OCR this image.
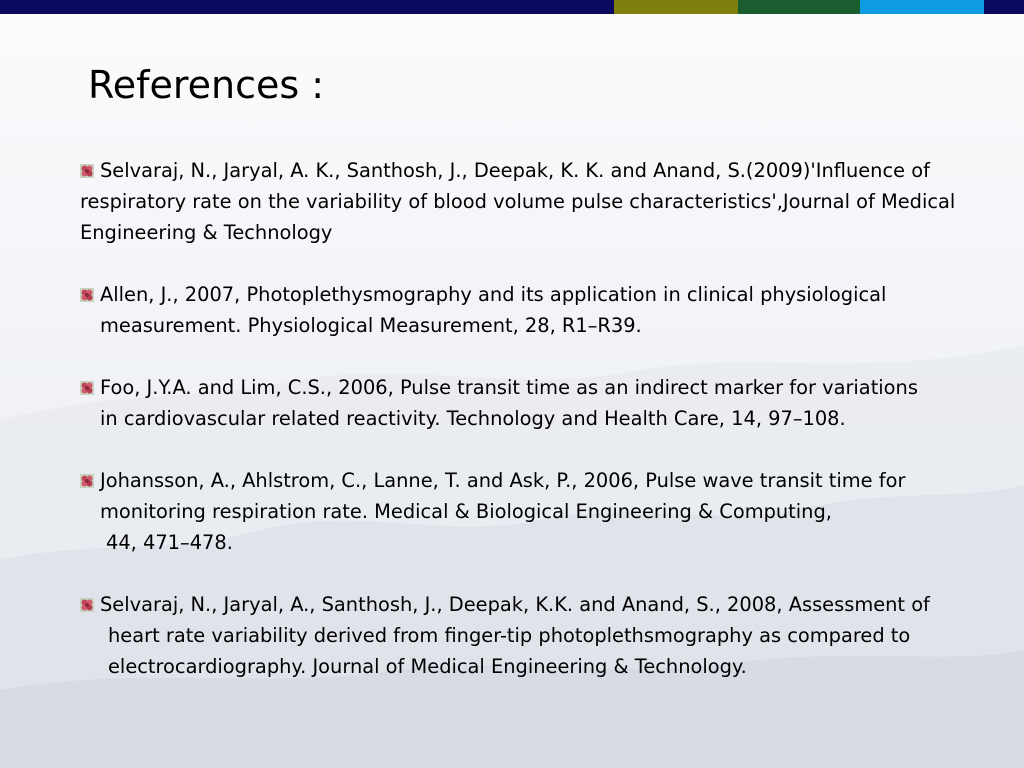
References :
Selvaraj, N., Jaryal, A. K., Santhosh, J., Deepak, K. K. and Anand, S.(2009)'Influence of
respiratory rate on the variability of blood volume pulse characteristics',Journal of Medical
Engineering & Technology
Allen, J., 2007, Photoplethysmography and its application in clinical physiological
measurement. Physiological Measurement, 28, R1–R39.
Foo, J.Y.A. and Lim, C.S., 2006, Pulse transit time as an indirect marker for variations
in cardiovascular related reactivity. Technology and Health Care, 14, 97–108.
Johansson, A., Ahlstrom, C., Lanne, T. and Ask, P., 2006, Pulse wave transit time for
monitoring respiration rate. Medical & Biological Engineering & Computing,
44, 471–478.
Selvaraj, N., Jaryal, A., Santhosh, J., Deepak, K.K. and Anand, S., 2008, Assessment of
heart rate variability derived from finger-tip photoplethsmography as compared to
electrocardiography. Journal of Medical Engineering & Technology.
